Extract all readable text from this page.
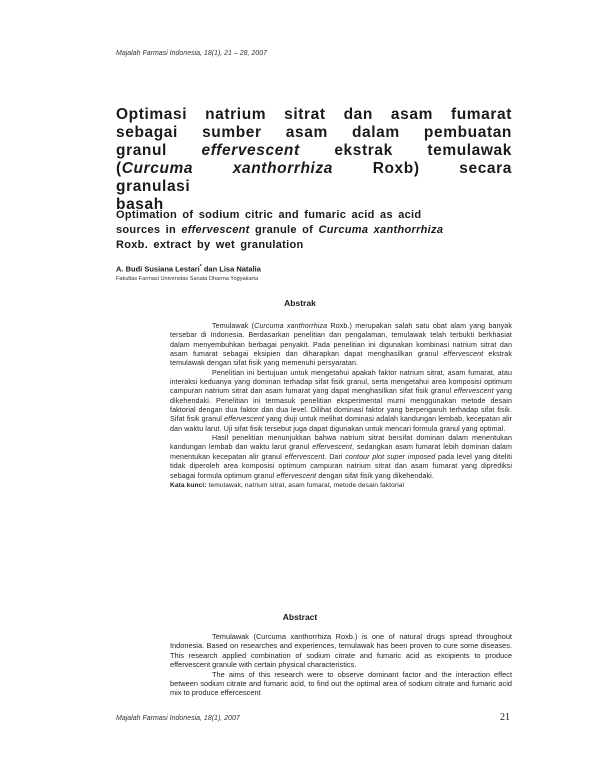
Majalah Farmasi Indonesia, 18(1), 21 – 28, 2007
Optimasi natrium sitrat dan asam fumarat
sebagai sumber asam dalam pembuatan
granul effervescent ekstrak temulawak
(Curcuma xanthorrhiza	Roxb) secara granulasi
basah
Optimation of sodium citric and fumaric acid as acid
sources in effervescent granule of Curcuma xanthorrhiza
Roxb. extract by wet granulation
A. Budi Susiana Lestari* dan Lisa Natalia
Fakultas Farmasi Universitas Sanata Dharma Yogyakarta
Abstrak

Temulawak (Curcuma xanthorrhiza Roxb.) merupakan salah satu obat alam yang banyak tersebar di Indonesia. Berdasarkan penelitian dan pengalaman, temulawak telah terbukti berkhasiat dalam menyembuhkan berbagai penyakit. Pada penelitian ini digunakan kombinasi natrium sitrat dan asam fumarat sebagai eksipien dan diharapkan dapat menghasilkan granul effervescent ekstrak temulawak dengan sifat fisik yang memenuhi persyaratan.

Penelitian ini bertujuan untuk mengetahui apakah faktor natrium sitrat, asam fumarat, atau interaksi keduanya yang dominan terhadap sifat fisik granul, serta mengetahui area komposisi optimum campuran natrium sitrat dan asam fumarat yang dapat menghasilkan sifat fisik granul effervescent yang dikehendaki. Penelitian ini termasuk penelitian eksperimental murni menggunakan metode desain faktorial dengan dua faktor dan dua level. Dilihat dominasi faktor yang berpengaruh terhadap sifat fisik. Sifat fisik granul effervescent yang diuji untuk melihat dominasi adalah kandungan lembab, kecepatan alir dan waktu larut. Uji sifat fisik tersebut juga dapat digunakan untuk mencari formula granul yang optimal.

Hasil penelitian menunjukkan bahwa natrium sitrat bersifat dominan dalam menentukan kandungan lembab dan waktu larut granul effervescent, sedangkan asam fumarat lebih dominan dalam menentukan kecepatan alir granul effervescent. Dari contour plot super imposed pada level yang diteliti tidak diperoleh area komposisi optimum campuran natrium sitrat dan asam fumarat yang diprediksi sebagai formula optimum granul effervescent dengan sifat fisik yang dikehendaki.

Kata kunci: temulawak, natrium sitrat, asam fumarat, metode desain faktorial

Abstract

Temulawak (Curcuma xanthorrhiza Roxb.) is one of natural drugs spread throughout Indonesia. Based on researches and experiences, temulawak has been proven to cure some diseases. This research applied combination of sodium citrate and fumaric acid as excipients to produce effervescent granule with certain physical characteristics.

The aims of this research were to observe dominant factor and the interaction effect between sodium citrate and fumaric acid, to find out the optimal area of sodium citrate and fumaric acid mix to produce effercescent

Majalah Farmasi Indonesia, 18(1), 2007	21
